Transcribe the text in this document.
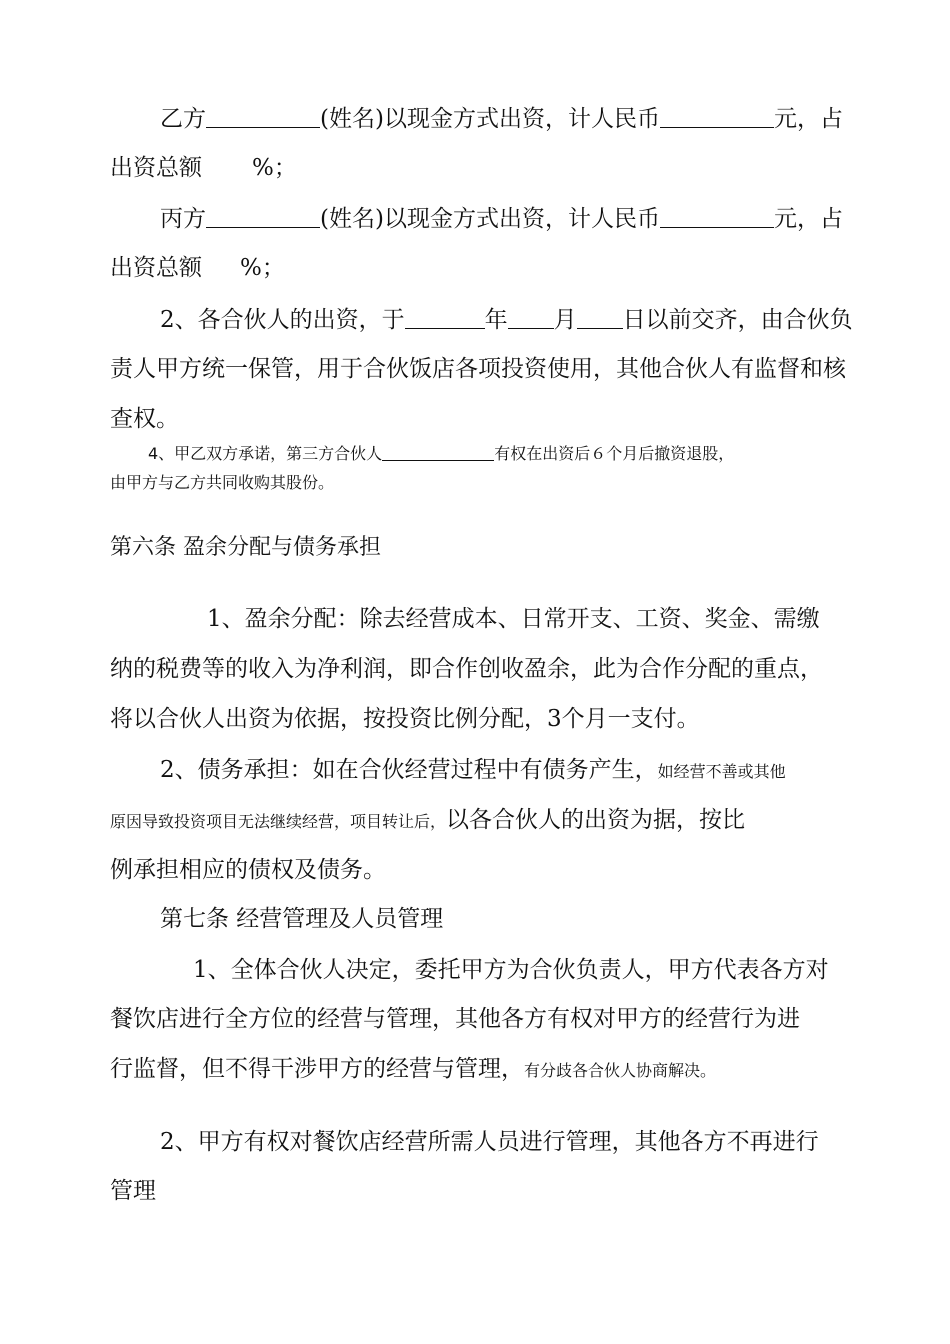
乙方	(姓名)以现金方式出资，计人民币	元，占
出资总额 %；
丙方	(姓名)以现金方式出资，计人民币	元，占
出资总额 %；
2、各合伙人的出资，于	年 月 日以前交齐，由合伙负
责人甲方统一保管，用于合伙饭店各项投资使用，其他合伙人有监督和核
查权。
4、甲乙双方承诺，第三方合伙人	有权在出资后６个月后撤资退股，
由甲方与乙方共同收购其股份。
第六条 盈余分配与债务承担
1、盈余分配：除去经营成本、日常开支、工资、奖金、需缴
纳的税费等的收入为净利润，即合作创收盈余，此为合作分配的重点，
将以合伙人出资为依据，按投资比例分配，3个月一支付。
2、债务承担：如在合伙经营过程中有债务产生，如经营不善或其他
原因导致投资项目无法继续经营，项目转让后，以各合伙人的出资为据，按比
例承担相应的债权及债务。
第七条 经营管理及人员管理
1、全体合伙人决定，委托甲方为合伙负责人，甲方代表各方对
餐饮店进行全方位的经营与管理，其他各方有权对甲方的经营行为进
行监督，但不得干涉甲方的经营与管理，有分歧各合伙人协商解决。
2、甲方有权对餐饮店经营所需人员进行管理，其他各方不再进行
管理
